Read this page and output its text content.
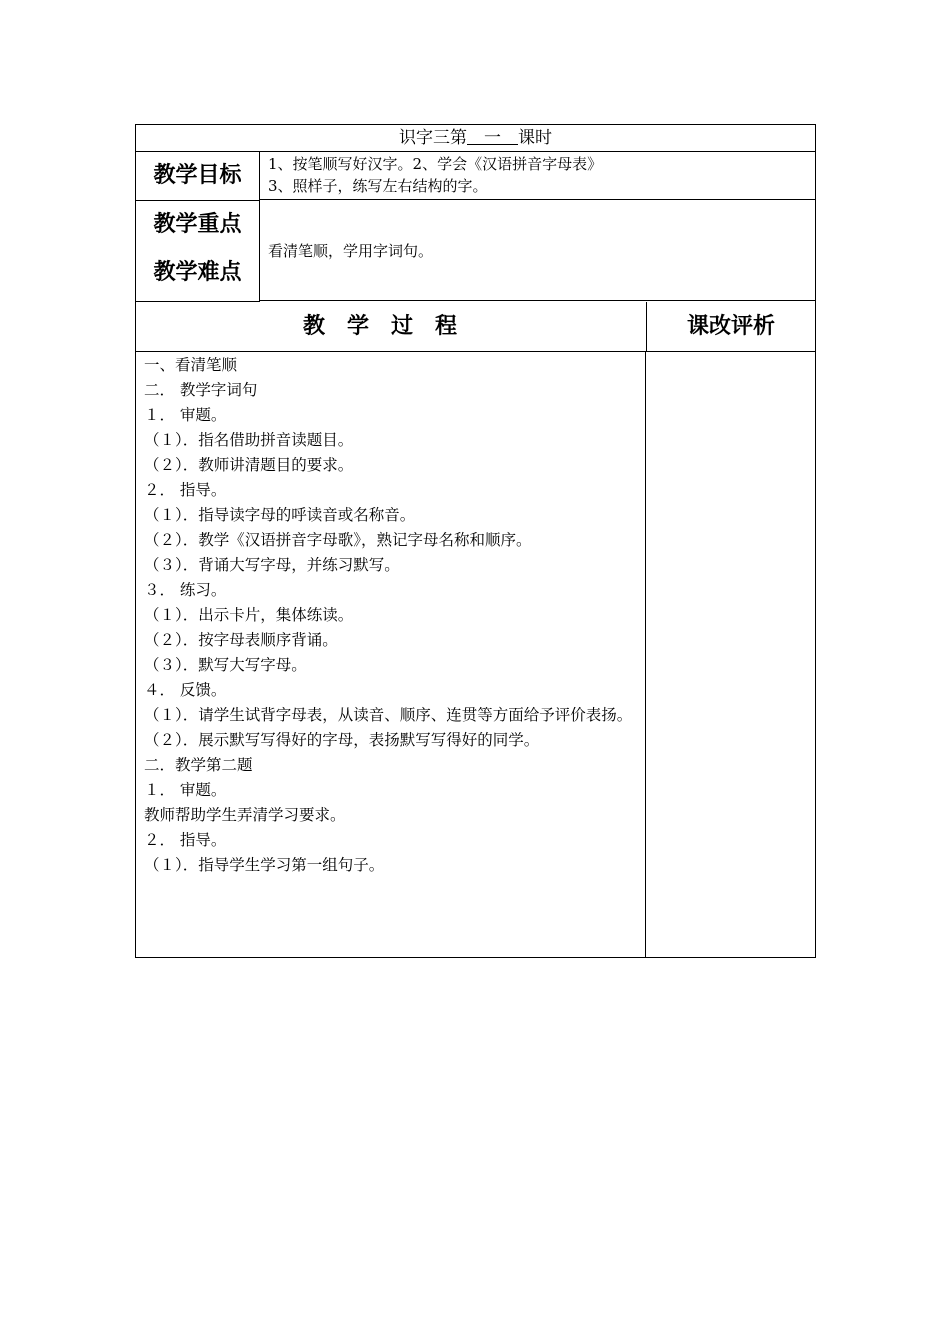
识字三第　一　课时
教学目标	1、按笔顺写好汉字。2、学会《汉语拼音字母表》
3、照样子，练写左右结构的字。
教学重点
教学难点
看清笔顺，学用字词句。
教学过程	课改评析
一、看清笔顺
二． 教学字词句
１． 审题。
（１）．指名借助拼音读题目。
（２）．教师讲清题目的要求。
２． 指导。
（１）．指导读字母的呼读音或名称音。
（２）．教学《汉语拼音字母歌》，熟记字母名称和顺序。
（３）．背诵大写字母，并练习默写。
３． 练习。
（１）．出示卡片，集体练读。
（２）．按字母表顺序背诵。
（３）．默写大写字母。
４． 反馈。
（１）．请学生试背字母表，从读音、顺序、连贯等方面给予评价表扬。
（２）．展示默写写得好的字母，表扬默写写得好的同学。
二．教学第二题
１． 审题。
教师帮助学生弄清学习要求。
２． 指导。
（１）．指导学生学习第一组句子。
